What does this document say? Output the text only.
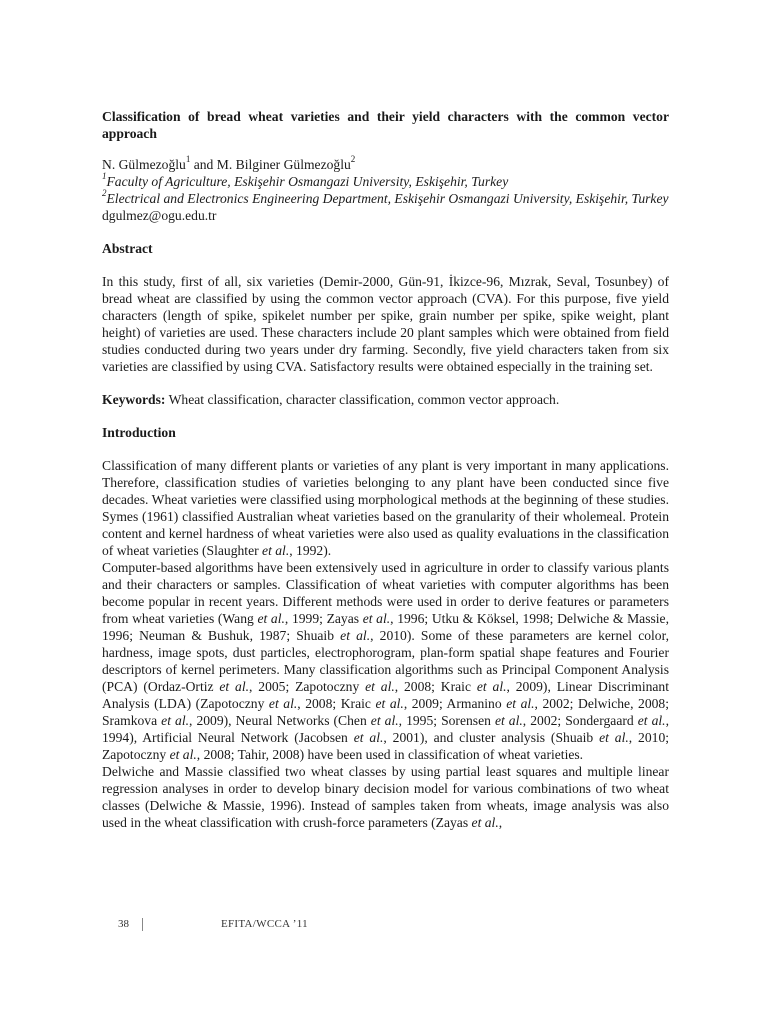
Classification of bread wheat varieties and their yield characters with the common vector approach
N. Gülmezoğlu$^1$ and M. Bilginer Gülmezoğlu$^2$
$^1$Faculty of Agriculture, Eskişehir Osmangazi University, Eskişehir, Turkey
$^2$Electrical and Electronics Engineering Department, Eskişehir Osmangazi University, Eskişehir, Turkey
dgulmez@ogu.edu.tr
Abstract

In this study, first of all, six varieties (Demir-2000, Gün-91, İkizce-96, Mızrak, Seval, Tosunbey) of bread wheat are classified by using the common vector approach (CVA). For this purpose, five yield characters (length of spike, spikelet number per spike, grain number per spike, spike weight, plant height) of varieties are used. These characters include 20 plant samples which were obtained from field studies conducted during two years under dry farming. Secondly, five yield characters taken from six varieties are classified by using CVA. Satisfactory results were obtained especially in the training set.

Keywords: Wheat classification, character classification, common vector approach.

Introduction

Classification of many different plants or varieties of any plant is very important in many applications. Therefore, classification studies of varieties belonging to any plant have been conducted since five decades. Wheat varieties were classified using morphological methods at the beginning of these studies. Symes (1961) classified Australian wheat varieties based on the granularity of their wholemeal. Protein content and kernel hardness of wheat varieties were also used as quality evaluations in the classification of wheat varieties (Slaughter et al., 1992).

Computer-based algorithms have been extensively used in agriculture in order to classify various plants and their characters or samples. Classification of wheat varieties with computer algorithms has been become popular in recent years. Different methods were used in order to derive features or parameters from wheat varieties (Wang et al., 1999; Zayas et al., 1996; Utku & Köksel, 1998; Delwiche & Massie, 1996; Neuman & Bushuk, 1987; Shuaib et al., 2010). Some of these parameters are kernel color, hardness, image spots, dust particles, electrophorogram, plan-form spatial shape features and Fourier descriptors of kernel perimeters. Many classification algorithms such as Principal Component Analysis (PCA) (Ordaz-Ortiz et al., 2005; Zapotoczny et al., 2008; Kraic et al., 2009), Linear Discriminant Analysis (LDA) (Zapotoczny et al., 2008; Kraic et al., 2009; Armanino et al., 2002; Delwiche, 2008; Sramkova et al., 2009), Neural Networks (Chen et al., 1995; Sorensen et al., 2002; Sondergaard et al., 1994), Artificial Neural Network (Jacobsen et al., 2001), and cluster analysis (Shuaib et al., 2010; Zapotoczny et al., 2008; Tahir, 2008) have been used in classification of wheat varieties.

Delwiche and Massie classified two wheat classes by using partial least squares and multiple linear regression analyses in order to develop binary decision model for various combinations of two wheat classes (Delwiche & Massie, 1996). Instead of samples taken from wheats, image analysis was also used in the wheat classification with crush-force parameters (Zayas et al.,

38	EFITA/WCCA ’11
